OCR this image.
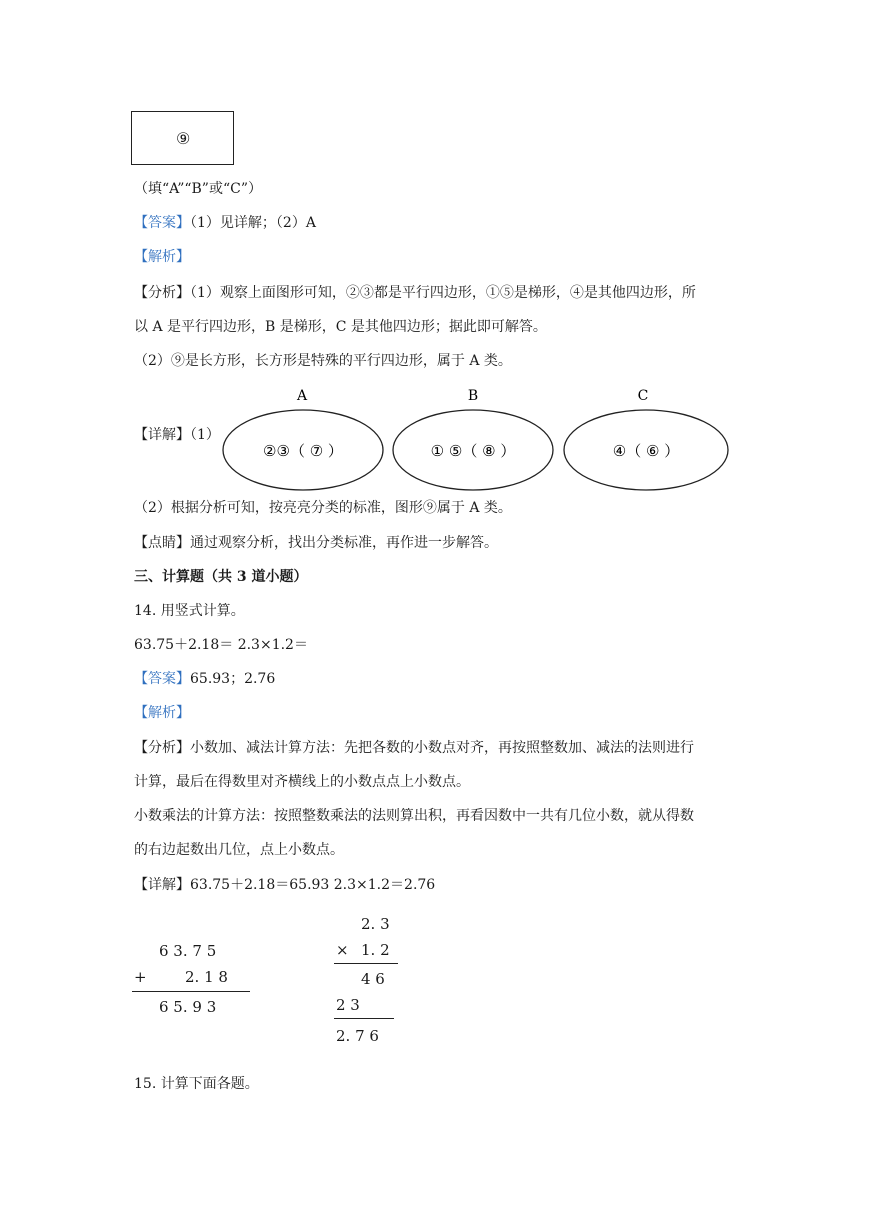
⑨
（填“A”“B”或“C”）
【答案】（1）见详解；（2）A
【解析】
【分析】（1）观察上面图形可知，②③都是平行四边形，①⑤是梯形，④是其他四边形，所
以 A 是平行四边形，B 是梯形，C 是其他四边形；据此即可解答。
（2）⑨是长方形，长方形是特殊的平行四边形，属于 A 类。
【详解】（1）
A
②③（ ⑦ ）
B
① ⑤（ ⑧ ）
C
④（ ⑥ ）
（2）根据分析可知，按亮亮分类的标准，图形⑨属于 A 类。
【点睛】通过观察分析，找出分类标准，再作进一步解答。
三、计算题（共 3 道小题）
14. 用竖式计算。
63.75＋2.18＝ 2.3×1.2＝
【答案】65.93；2.76
【解析】
【分析】小数加、减法计算方法：先把各数的小数点对齐，再按照整数加、减法的法则进行
计算，最后在得数里对齐横线上的小数点点上小数点。
小数乘法的计算方法：按照整数乘法的法则算出积，再看因数中一共有几位小数，就从得数
的右边起数出几位，点上小数点。
【详解】63.75＋2.18＝65.93 2.3×1.2＝2.76
6 3. 7 5
+	2. 1 8
6 5. 9 3
2. 3
× 1. 2
4 6
2 3
2. 7 6
15. 计算下面各题。
